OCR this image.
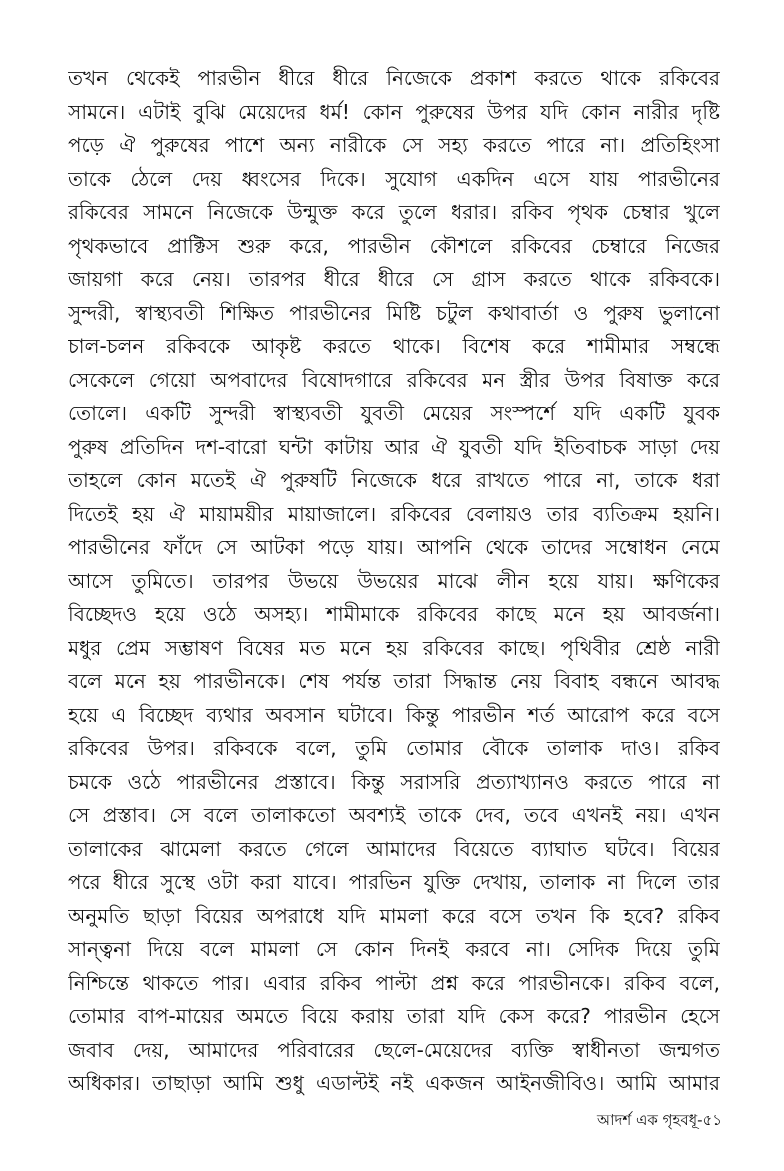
তখন থেকেই পারভীন ধীরে ধীরে নিজেকে প্রকাশ করতে থাকে রকিবের
সামনে। এটাই বুঝি মেয়েদের ধর্ম! কোন পুরুষের উপর যদি কোন নারীর দৃষ্টি
পড়ে ঐ পুরুষের পাশে অন্য নারীকে সে সহ্য করতে পারে না। প্রতিহিংসা
তাকে ঠেলে দেয় ধ্বংসের দিকে। সুযোগ একদিন এসে যায় পারভীনের
রকিবের সামনে নিজেকে উন্মুক্ত করে তুলে ধরার। রকিব পৃথক চেম্বার খুলে
পৃথকভাবে প্রাক্টিস শুরু করে, পারভীন কৌশলে রকিবের চেম্বারে নিজের
জায়গা করে নেয়। তারপর ধীরে ধীরে সে গ্রাস করতে থাকে রকিবকে।
সুন্দরী, স্বাস্থ্যবতী শিক্ষিত পারভীনের মিষ্টি চটুল কথাবার্তা ও পুরুষ ভুলানো
চাল-চলন রকিবকে আকৃষ্ট করতে থাকে। বিশেষ করে শামীমার সম্বন্ধে
সেকেলে গেয়ো অপবাদের বিষোদগারে রকিবের মন স্ত্রীর উপর বিষাক্ত করে
তোলে। একটি সুন্দরী স্বাস্থ্যবতী যুবতী মেয়ের সংস্পর্শে যদি একটি যুবক
পুরুষ প্রতিদিন দশ-বারো ঘন্টা কাটায় আর ঐ যুবতী যদি ইতিবাচক সাড়া দেয়
তাহলে কোন মতেই ঐ পুরুষটি নিজেকে ধরে রাখতে পারে না, তাকে ধরা
দিতেই হয় ঐ মায়াময়ীর মায়াজালে। রকিবের বেলায়ও তার ব্যতিক্রম হয়নি।
পারভীনের ফাঁদে সে আটকা পড়ে যায়। আপনি থেকে তাদের সম্বোধন নেমে
আসে তুমিতে। তারপর উভয়ে উভয়ের মাঝে লীন হয়ে যায়। ক্ষণিকের
বিচ্ছেদও হয়ে ওঠে অসহ্য। শামীমাকে রকিবের কাছে মনে হয় আবর্জনা।
মধুর প্রেম সম্ভাষণ বিষের মত মনে হয় রকিবের কাছে। পৃথিবীর শ্রেষ্ঠ নারী
বলে মনে হয় পারভীনকে। শেষ পর্যন্ত তারা সিদ্ধান্ত নেয় বিবাহ বন্ধনে আবদ্ধ
হয়ে এ বিচ্ছেদ ব্যথার অবসান ঘটাবে। কিন্তু পারভীন শর্ত আরোপ করে বসে
রকিবের উপর। রকিবকে বলে, তুমি তোমার বৌকে তালাক দাও। রকিব
চমকে ওঠে পারভীনের প্রস্তাবে। কিন্তু সরাসরি প্রত্যাখ্যানও করতে পারে না
সে প্রস্তাব। সে বলে তালাকতো অবশ্যই তাকে দেব, তবে এখনই নয়। এখন
তালাকের ঝামেলা করতে গেলে আমাদের বিয়েতে ব্যাঘাত ঘটবে। বিয়ের
পরে ধীরে সুস্থে ওটা করা যাবে। পারভিন যুক্তি দেখায়, তালাক না দিলে তার
অনুমতি ছাড়া বিয়ের অপরাধে যদি মামলা করে বসে তখন কি হবে? রকিব
সান্ত্বনা দিয়ে বলে মামলা সে কোন দিনই করবে না। সেদিক দিয়ে তুমি
নিশ্চিন্তে থাকতে পার। এবার রকিব পাল্টা প্রশ্ন করে পারভীনকে। রকিব বলে,
তোমার বাপ-মায়ের অমতে বিয়ে করায় তারা যদি কেস করে? পারভীন হেসে
জবাব দেয়, আমাদের পরিবারের ছেলে-মেয়েদের ব্যক্তি স্বাধীনতা জন্মগত
অধিকার। তাছাড়া আমি শুধু এডাল্টই নই একজন আইনজীবিও। আমি আমার
আদর্শ এক গৃহবধূ-৫১
